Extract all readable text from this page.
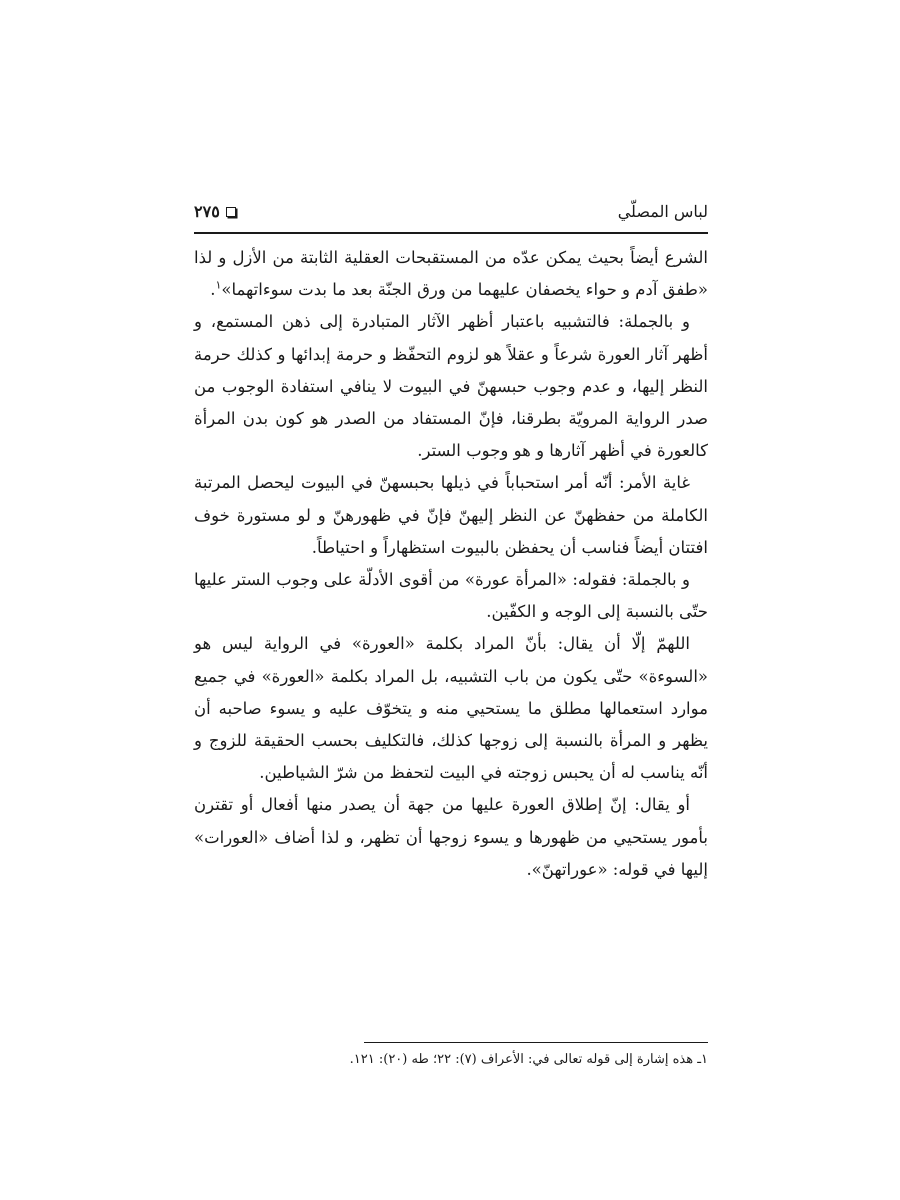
لباس المصلّي
٢٧٥

الشرع أيضاً بحيث يمكن عدّه من المستقبحات العقلية الثابتة من الأزل و لذا «طفق آدم و حواء يخصفان عليهما من ورق الجنّة بعد ما بدت سوءاتهما»$^١$.

و بالجملة: فالتشبيه باعتبار أظهر الآثار المتبادرة إلى ذهن المستمع، و أظهر آثار العورة شرعاً و عقلاً هو لزوم التحفّظ و حرمة إبدائها و كذلك حرمة النظر إليها، و عدم وجوب حبسهنّ في البيوت لا ينافي استفادة الوجوب من صدر الرواية المرويّة بطرقنا، فإنّ المستفاد من الصدر هو كون بدن المرأة كالعورة في أظهر آثارها و هو وجوب الستر.

غاية الأمر: أنّه أمر استحباباً في ذيلها بحبسهنّ في البيوت ليحصل المرتبة الكاملة من حفظهنّ عن النظر إليهنّ فإنّ في ظهورهنّ و لو مستورة خوف افتتان أيضاً فناسب أن يحفظن بالبيوت استظهاراً و احتياطاً.

و بالجملة: فقوله: «المرأة عورة» من أقوى الأدلّة على وجوب الستر عليها حتّى بالنسبة إلى الوجه و الكفّين.

اللهمّ إلّا أن يقال: بأنّ المراد بكلمة «العورة» في الرواية ليس هو «السوءة» حتّى يكون من باب التشبيه، بل المراد بكلمة «العورة» في جميع موارد استعمالها مطلق ما يستحيي منه و يتخوّف عليه و يسوء صاحبه أن يظهر و المرأة بالنسبة إلى زوجها كذلك، فالتكليف بحسب الحقيقة للزوج و أنّه يناسب له أن يحبس زوجته في البيت لتحفظ من شرّ الشياطين.

أو يقال: إنّ إطلاق العورة عليها من جهة أن يصدر منها أفعال أو تقترن بأمور يستحيي من ظهورها و يسوء زوجها أن تظهر، و لذا أضاف «العورات» إليها في قوله: «عوراتهنّ».

١ـ هذه إشارة إلى قوله تعالى في: الأعراف (٧): ٢٢؛ طه (٢٠): ١٢١.
